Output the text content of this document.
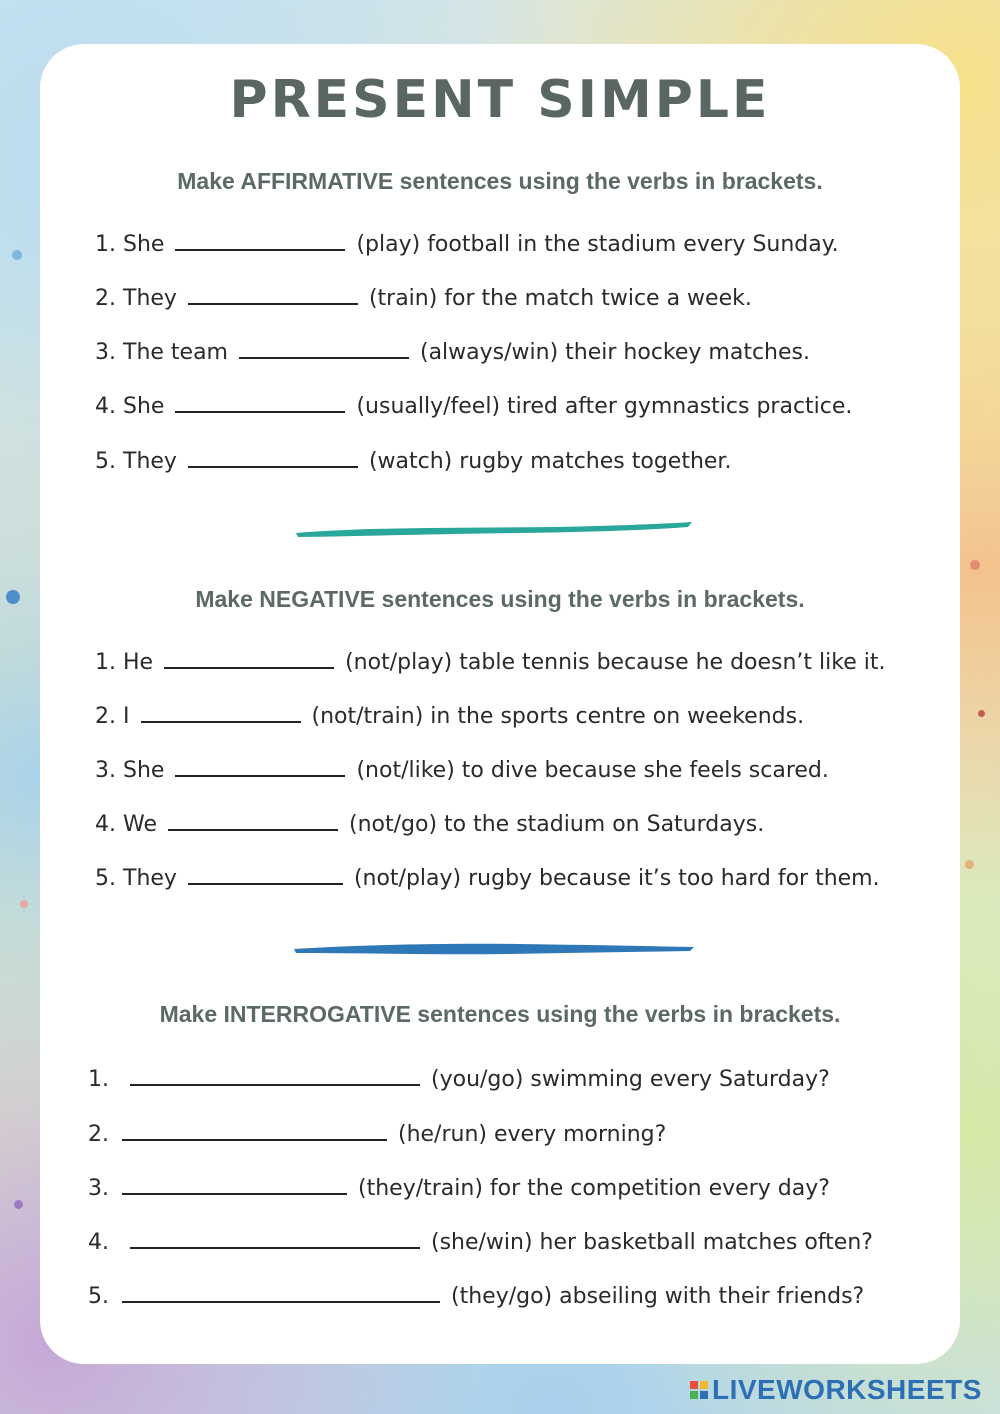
PRESENT SIMPLE
Make AFFIRMATIVE sentences using the verbs in brackets.
1. She	(play) football in the stadium every Sunday.
2. They	(train) for the match twice a week.
3. The team	(always/win) their hockey matches.
4. She	(usually/feel) tired after gymnastics practice.
5. They	(watch) rugby matches together.
Make NEGATIVE sentences using the verbs in brackets.
1. He	(not/play) table tennis because he doesn’t like it.
2. I	(not/train) in the sports centre on weekends.
3. She	(not/like) to dive because she feels scared.
4. We	(not/go) to the stadium on Saturdays.
5. They	(not/play) rugby because it’s too hard for them.
Make INTERROGATIVE sentences using the verbs in brackets.
1.	(you/go) swimming every Saturday?
2.	(he/run) every morning?
3.	(they/train) for the competition every day?
4.	(she/win) her basketball matches often?
5.	(they/go) abseiling with their friends?
LIVEWORKSHEETS
